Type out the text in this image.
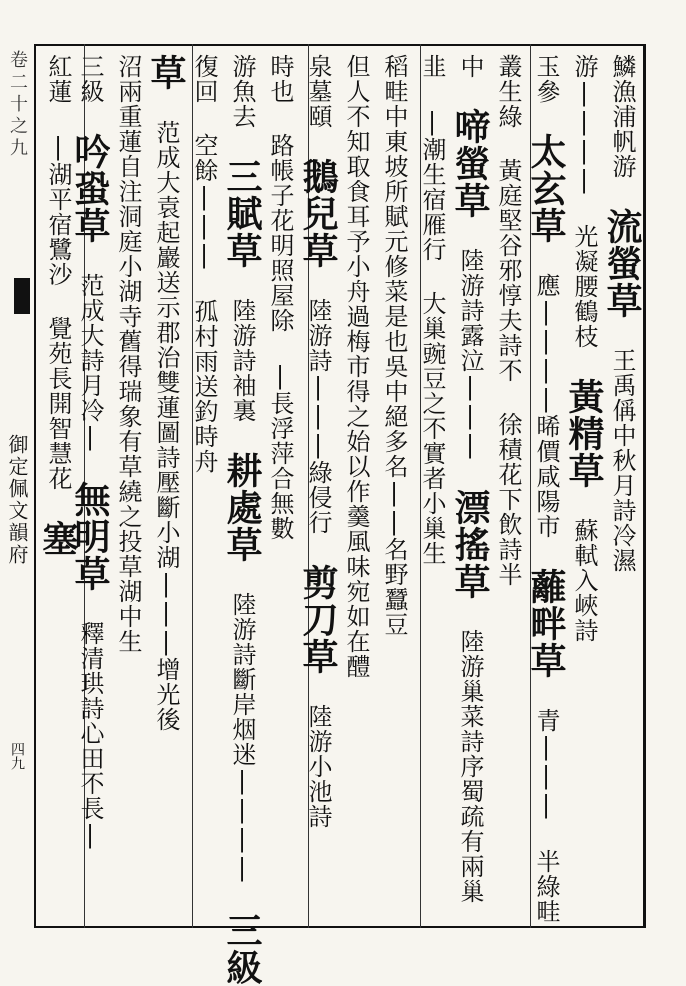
卷二十之九
御定佩文韻府
四九
鱗漁浦帆游 流螢草 王禹偁中秋月詩冷濕
游|||| 光凝腰鶴枝 黃精草 蘇軾入峽詩
玉參 太玄草 應||||晞價咸陽市 蘺畔草 青||| 半綠畦
叢生綠 黃庭堅谷邪惇夫詩不 徐積花下飲詩半
中 啼螢草 陸游詩露泣||| 漂搖草 陸游巢菜詩序蜀疏有兩巢
韭 |潮生宿雁行 大巢豌豆之不實者小巢生
稻畦中東坡所賦元修菜是也吳中絕多名||名野蠶豆
但人不知取食耳予小舟過梅市得之始以作羹風味宛如在醴
泉墓頤 鵝兒草 陸游詩|||綠侵行 剪刀草 陸游小池詩
時也 路帳子花明照屋除 |長浮萍合無數
游魚去 三賦草 陸游詩袖裏 耕處草 陸游詩斷岸烟迷|||| 三級
復回 空餘||| 孤村雨送釣時舟
草 范成大袁起巖送示郡治雙蓮圖詩壓斷小湖|||增光後
沼兩重蓮自注洞庭小湖寺舊得瑞象有草繞之投草湖中生
三級 吟蛩草 范成大詩月冷| 無明草 釋清珙詩心田不長|
紅蓮 |湖平宿鷺沙 覺苑長開智慧花 塞
